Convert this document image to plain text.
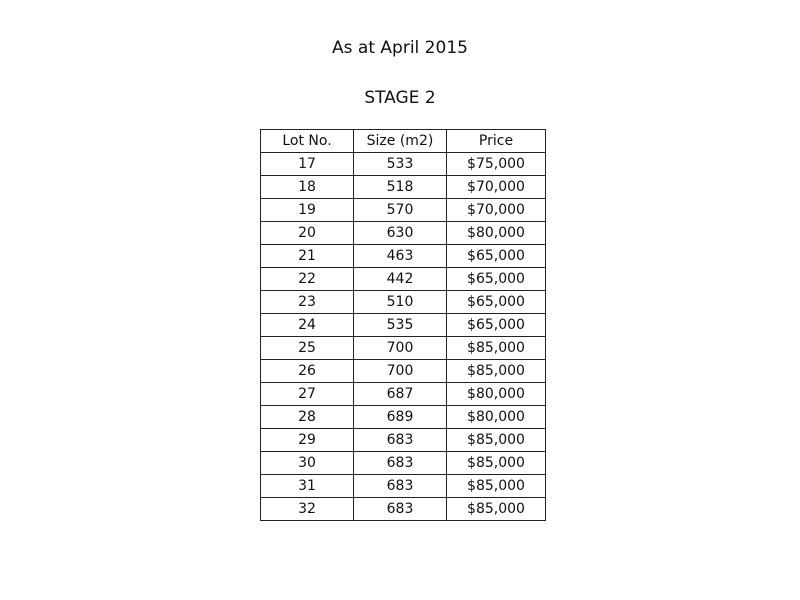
As at April 2015
STAGE 2
Lot No.	Size (m2)	Price
17	533	$75,000
18	518	$70,000
19	570	$70,000
20	630	$80,000
21	463	$65,000
22	442	$65,000
23	510	$65,000
24	535	$65,000
25	700	$85,000
26	700	$85,000
27	687	$80,000
28	689	$80,000
29	683	$85,000
30	683	$85,000
31	683	$85,000
32	683	$85,000
